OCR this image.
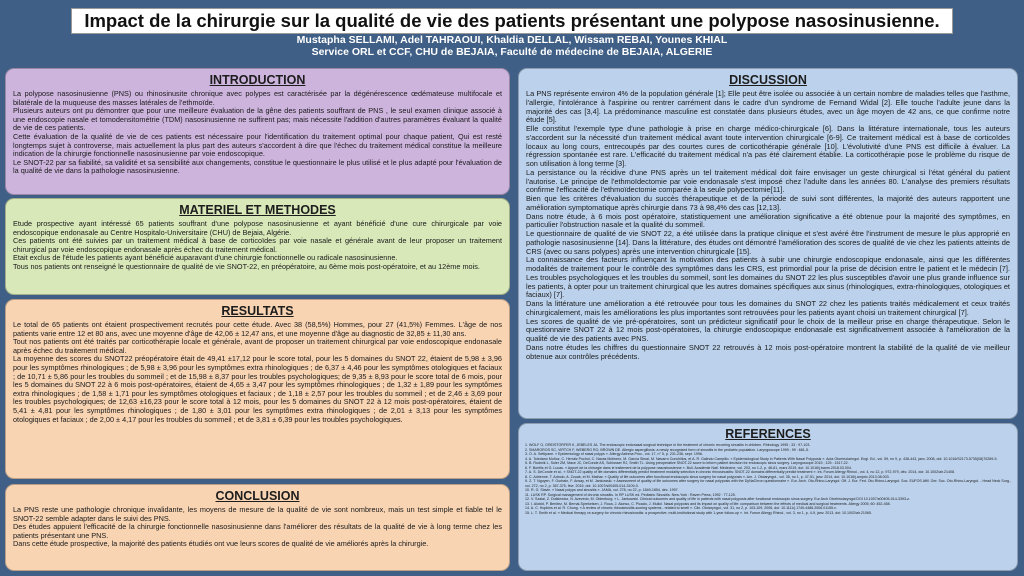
Impact de la chirurgie sur la qualité de vie des patients présentant une polypose nasosinusienne.
Mustapha SELLAMI, Adel TAHRAOUI, Khaldia DELLAL, Wissam REBAI, Younes KHIAL
Service ORL et CCF, CHU de BEJAIA, Faculté de médecine de BEJAIA, ALGERIE
INTRODUCTION

La polypose nasosinusienne (PNS) ou rhinosinusite chronique avec polypes est caractérisée par la dégénérescence œdémateuse multifocale et bilatérale de la muqueuse des masses latérales de l'ethmoïde.

Plusieurs auteurs ont pu démontrer que pour une meilleure évaluation de la gêne des patients souffrant de PNS , le seul examen clinique associé à une endoscopie nasale et tomodensitométrie (TDM) nasosinusienne ne suffirent pas; mais nécessite l'addition d'autres paramètres évaluant la qualité de vie de ces patients.

Cette évaluation de la qualité de vie de ces patients est nécessaire pour l'identification du traitement optimal pour chaque patient, Qui est resté longtemps sujet à controverse, mais actuellement la plus part des auteurs s'accordent à dire que l'échec du traitement médical constitue la meilleure indication de la chirurgie fonctionnelle nasosinusienne par voie endoscopique.

Le SNOT-22 par sa fiabilité, sa validité et sa sensibilité aux changements, constitue le questionnaire le plus utilisé et le plus adapté pour l'évaluation de la qualité de vie dans la pathologie nasosinusienne.

MATERIEL ET METHODES

Etude prospective ayant intéressé 65 patients souffrant d'une polypose nasosinusienne et ayant bénéficié d'une cure chirurgicale par voie endoscopique endonasale au Centre Hospitalo-Universitaire (CHU) de Bejaia, Algérie.

Ces patients ont été suivies par un traitement médical à base de corticoïdes par voie nasale et générale avant de leur proposer un traitement chirurgical par voie endoscopique endonasale après échec du traitement médical.

Etait exclus de l'étude les patients ayant bénéficié auparavant d'une chirurgie fonctionnelle ou radicale nasosinusienne.

Tous nos patients ont renseigné le questionnaire de qualité de vie SNOT-22, en préopératoire, au 6ème mois post-opératoire, et au 12ème mois.

RESULTATS

Le total de 65 patients ont étaient prospectivement recrutés pour cette étude. Avec 38 (58,5%) Hommes, pour 27 (41,5%) Femmes. L'âge de nos patients varie entre 12 et 80 ans, avec une moyenne d'âge de 42,06 ± 12,47 ans, et une moyenne d'âge au diagnostic de 32,85 ± 11,30 ans.

Tout nos patients ont été traités par corticothérapie locale et générale, avant de proposer un traitement chirurgical par voie endoscopique endonasale après échec du traitement médical.

La moyenne des scores du SNOT22 préopératoire était de 49,41 ±17,12 pour le score total, pour les 5 domaines du SNOT 22, étaient de 5,98 ± 3,96 pour les symptômes rhinologiques ; de 5,98 ± 3,96 pour les symptômes extra rhinologiques ; de 6,37 ± 4,46 pour les symptômes otologiques et faciaux ; de 10,71 ± 5,86 pour les troubles du sommeil ; et de 15,98 ± 8,37 pour les troubles psychologiques; de 9,35 ± 8,93 pour le score total de 6 mois, pour les 5 domaines du SNOT 22 à 6 mois post-opératoires, étaient de 4,65 ± 3,47 pour les symptômes rhinologiques ; de 1,32 ± 1,89 pour les symptômes extra rhinologiques ; de 1,58 ± 1,71 pour les symptômes otologiques et faciaux ; de 1,18 ± 2,57 pour les troubles du sommeil ; et de 2,46 ± 3,69 pour les troubles psychologiques; de 12,63 ±16,23 pour le score total à 12 mois, pour les 5 domaines du SNOT 22 à 12 mois post-opératoires, étaient de 5,41 ± 4,81 pour les symptômes rhinologiques ; de 1,80 ± 3,01 pour les symptômes extra rhinologiques ; de 2,01 ± 3,13 pour les symptômes otologiques et faciaux ; de 2,00 ± 4,17 pour les troubles du sommeil ; et de 3,81 ± 6,39 pour les troubles psychologiques.

CONCLUSION

La PNS reste une pathologie chronique invalidante, les moyens de mesure de la qualité de vie sont nombreux, mais un test simple et fiable tel le SNOT-22 semble adapter dans le suivi des PNS.

Des études appuient l'efficacité de la chirurgie fonctionnelle nasosinusienne dans l'améliorer des résultats de la qualité de vie à long terme chez les patients présentant une PNS.

Dans cette étude prospective, la majorité des patients étudiés ont vue leurs scores de qualité de vie améliorés après la chirurgie.

DISCUSSION

La PNS représente environ 4% de la population générale [1]; Elle peut être isolée ou associée à un certain nombre de maladies telles que l'asthme, l'allergie, l'intolérance à l'aspirine ou rentrer carrément dans le cadre d'un syndrome de Fernand Widal [2]. Elle touche l'adulte jeune dans la majorité des cas [3,4]. La prédominance masculine est constatée dans plusieurs études, avec un âge moyen de 42 ans, ce que confirme notre étude [5].

Elle constitut l'exemple type d'une pathologie à prise en charge médico-chirurgicale [6]. Dans la littérature internationale, tous les auteurs s'accordent sur la nécessité d'un traitement médical avant toute intervention chirurgicale [6-9]. Ce traitement médical est à base de corticoïdes locaux au long cours, entrecoupés par des courtes cures de corticothérapie générale [10]. L'évolutivité d'une PNS est difficile à évaluer. La régression spontanée est rare. L'efficacité du traitement médical n'a pas été clairement établie. La corticothérapie pose le problème du risque de son utilisation à long terme [3].

La persistance ou la récidive d'une PNS après un tel traitement médical doit faire envisager un geste chirurgical si l'état général du patient l'autorise. Le principe de l'ethmoïdectomie par voie endonasale s'est imposé chez l'adulte dans les années 80. L'analyse des premiers résultats confirme l'efficacité de l'ethmoïdectomie comparée à la seule polypectomie[11].

Bien que les critères d'évaluation du succès thérapeutique et de la période de suivi sont différentes, la majorité des auteurs rapportent une amélioration symptomatique après chirurgie dans 73 à 98,4% des cas [12,13].

Dans notre étude, à 6 mois post opératoire, statistiquement une amélioration significative a été obtenue pour la majorité des symptômes, en particulier l'obstruction nasale et la qualité du sommeil.

Le questionnaire de qualité de vie SNOT 22, a été utilisée dans la pratique clinique et s'est avéré être l'instrument de mesure le plus approprié en pathologie nasosinusienne [14]. Dans la littérature, des études ont démontré l'amélioration des scores de qualité de vie chez les patients atteints de CRS (avec ou sans polypes) après une intervention chirurgicale [15].

La connaissance des facteurs influençant la motivation des patients à subir une chirurgie endoscopique endonasale, ainsi que les différentes modalités de traitement pour le contrôle des symptômes dans les CRS, est primordial pour la prise de décision entre le patient et le médecin [7]. Les troubles psychologiques et les troubles du sommeil, sont les domaines du SNOT 22 les plus susceptibles d'avoir une plus grande influence sur les patients, à opter pour un traitement chirurgical que les autres domaines spécifiques aux sinus (rhinologiques, extra-rhinologiques, otologiques et faciaux) [7].

Dans la littérature une amélioration a été retrouvée pour tous les domaines du SNOT 22 chez les patients traités médicalement et ceux traités chirurgicalement, mais les améliorations les plus importantes sont retrouvées pour les patients ayant choisi un traitement chirurgical [7].

Les scores de qualité de vie pré-opératoires, sont un prédicteur significatif pour le choix de la meilleur prise en charge thérapeutique. Selon le questionnaire SNOT 22 à 12 mois post-opératoires, la chirurgie endoscopique endonasale est significativement associée à l'amélioration de la qualité de vie des patients avec PNS.

Dans notre études les chiffres du questionnaire SNOT 22 retrouvés à 12 mois post-opératoire montrent la stabilité de la qualité de vie meilleur obtenue aux contrôles précédents.

REFERENCES

1. WOLF G, GREISTORFER K, JEBELES JA. The endoscopic endonasal surgical technique in the treatment of chronic recurring sinusitis in children. Rhinology 1995 ; 33 : 97-103.

2. SMARGROS SC, VIRTCH F, WEBERG RO, BROWN DE. Allergic aspergillosis: a newly recognized form of sinusitis in the pediatric population. Laryngoscope 1999 ; 99 : 681-5.

3. O. A. Settipane. « Epidemiology of nasal polyps ». Allergy Asthma Proc., vol. 17, n° 5, p. 231-236, sept. 1996.

4. A. Toledano Muñoz, C. Herráiz Puchol, C. Navas Molinero, M. García Simal, M. Navarro Cunchillos, et A. R. Galindo Campillo. « Epidemiological Study in Patients With Nasal Polyposis ». Acta Otorrinolaringol. Engl. Ed., vol. 59, no 9, p. 438-443, janv. 2008, doi: 10.1016/S2173-5735(08)70289-5.

5. B. Rudmik L, Soler ZM, Mace JC, DeConde AS, Schlosser RJ, Smith TL. Using preoperative SNOT-22 score to inform patient decision for endoscopic sinus surgery. Laryngoscope 2015 ; 125 : 1517-22.

6. F. Bonfils et G. Lucas. « Apport de la chirurgie dans le traitement de la polypose nasosinusienne ». Bull. Académie Natl. Médecine, vol. 203, no 1-2, p. 46-61, mars 2019, doi: 10.1016/j.banm.2018.03.004.

7. A. S. DeConde et al., « SNOT-22 quality of life domains differentially predict treatment modality selection in chronic rhinosinusitis: SNOT-22 domains differentially predict treatment ». Int. Forum Allergy Rhinol., vol. 4, no 12, p. 972-979, déc. 2014, doi: 10.1002/alr.21408.

8. C. Adrienne, T. Adnolo, A. Zouak, et M. Mathar. « Quality of life outcomes after functional endoscopic sinus surgery for nasal polyposis ». Am. J. Otolaryngol., vol. 35, no 1, p. 47-51, janv. 2014, doi: 10.1016/j.amjoto.2013.08.003.

9. Z. T. Nguyen, F. Gurbain, F. Ansay, et M. Jankowski. « Assessment of quality of life outcomes after surgery for nasal polyposis with the DyNaChron questionnaire ». Eur. Arch. Oto-Rhino-Laryngol. Off. J. Eur. Fed. Oto-Rhino-Laryngol. Soc. EUFOS Affil. Ger. Soc. Oto-Rhino-Laryngol. - Head Neck Surg., vol. 272, no 2, p. 367-375, févr. 2015, doi: 10.1007/s00405-014-3109-0.

10. R. G. Slavin. « Nasal polyps and sinusitis ». JAMA, vol. 278, no 22, p. 1849-1854, déc. 1997.

11. LUSK RP. Surgical management of chronic sinusitis. In RP LUSK ed. Pediatric Sinusitis. New-York : Raven Press, 1992 : 77-125.

12. V. Szalai, Z. Dutkiewicz, N. Azevedo, M. Oldenburg. « L. Jankowski. Clinical outcomes and quality of life in patients with nasal polyposis after functional endoscopic sinus surgery. Eur Arch Otorhinolaryngol DOI 10.1007/s00405-014-3393-z.

13. I. Alobid, P. Benítez, M. Bernal-Sprekelsen, J. Roca, J. Alonso, C. Picado, J. Mullol. Nasal polyposis and its impact on quality of life: comparison between the effects of medical and surgical treatments. Allergy 2005; 60: 452-458.

14. A. C. Hopkins et al. R. Chung. « A review of chronic rhinosinusitis-scoring systems - related to smell ». Clin. Otolaryngol., vol. 31, no 2, p. 103-109, 2006, doi: 10.1111/j.1749-4486.2006.01155.x.

15. L. T. Smith et al. « Medical therapy vs surgery for chronic rhinosinusitis: a prospective, multi-institutional study with 1-year follow-up ». Int. Forum Allergy Rhinol., vol. 3, no 1, p. 4-9, janv. 2013, doi: 10.1002/alr.21065.
